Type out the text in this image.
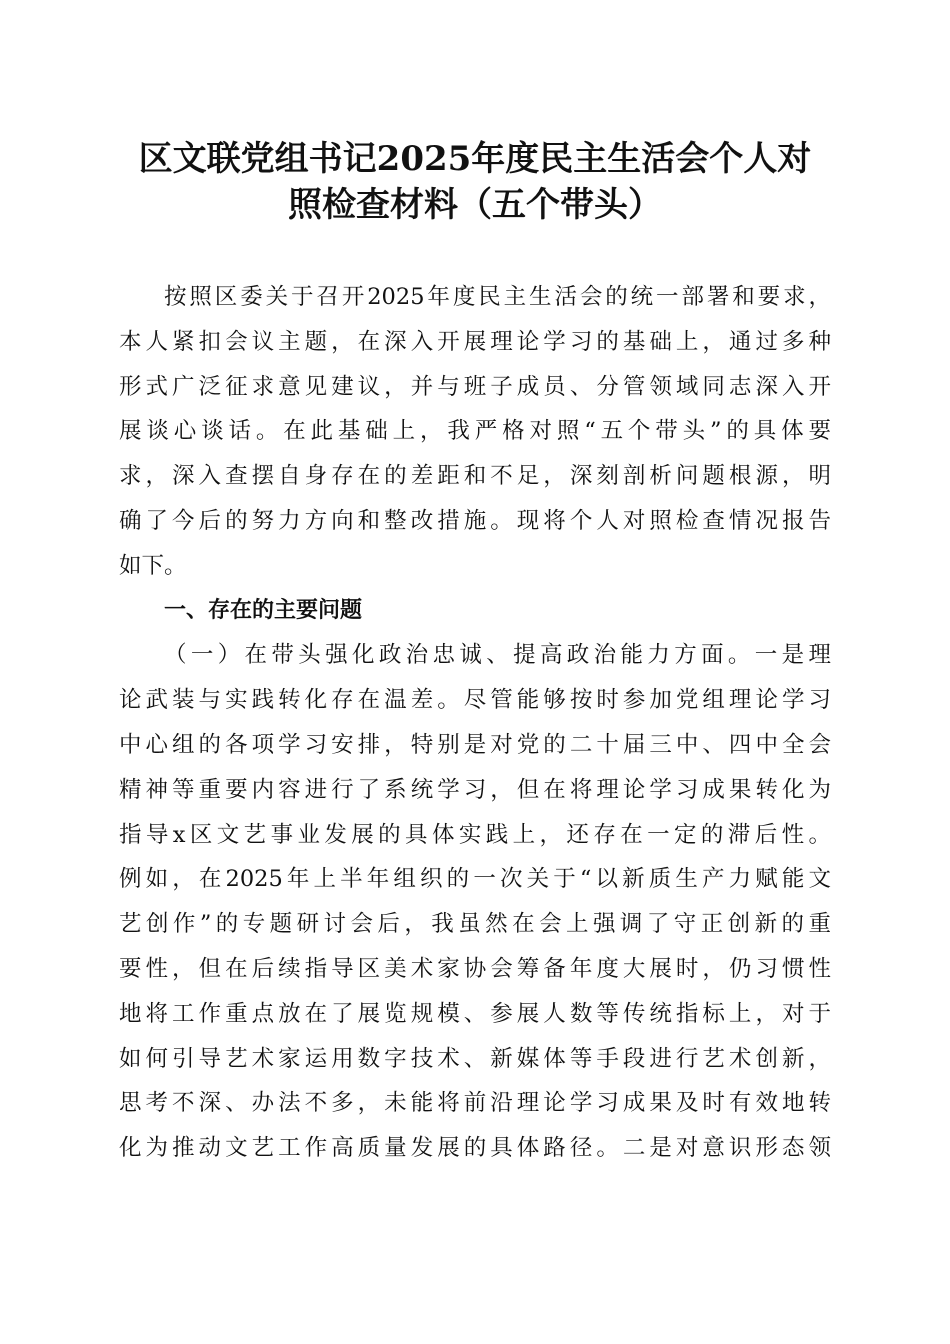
区文联党组书记2025年度民主生活会个人对
照检查材料（五个带头）
按照区委关于召开2025年度民主生活会的统一部署和要求，
本人紧扣会议主题，在深入开展理论学习的基础上，通过多种
形式广泛征求意见建议，并与班子成员、分管领域同志深入开
展谈心谈话。在此基础上，我严格对照“五个带头”的具体要
求，深入查摆自身存在的差距和不足，深刻剖析问题根源，明
确了今后的努力方向和整改措施。现将个人对照检查情况报告
如下。
一、存在的主要问题
（一）在带头强化政治忠诚、提高政治能力方面。一是理
论武装与实践转化存在温差。尽管能够按时参加党组理论学习
中心组的各项学习安排，特别是对党的二十届三中、四中全会
精神等重要内容进行了系统学习，但在将理论学习成果转化为
指导x区文艺事业发展的具体实践上，还存在一定的滞后性。
例如，在2025年上半年组织的一次关于“以新质生产力赋能文
艺创作”的专题研讨会后，我虽然在会上强调了守正创新的重
要性，但在后续指导区美术家协会筹备年度大展时，仍习惯性
地将工作重点放在了展览规模、参展人数等传统指标上，对于
如何引导艺术家运用数字技术、新媒体等手段进行艺术创新，
思考不深、办法不多，未能将前沿理论学习成果及时有效地转
化为推动文艺工作高质量发展的具体路径。二是对意识形态领
